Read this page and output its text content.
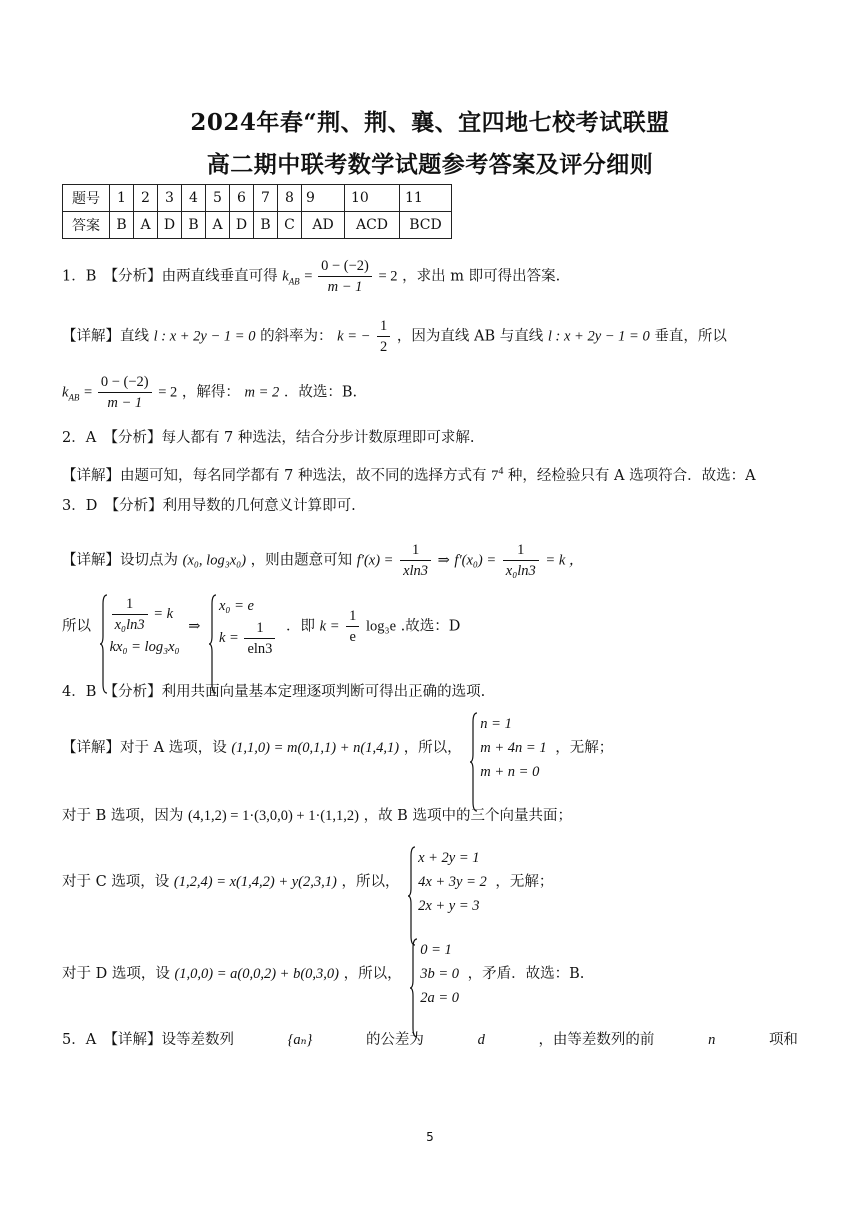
2024年春“荆、荆、襄、宜四地七校考试联盟
高二期中联考数学试题参考答案及评分细则
题号	1	2	3	4	5	6	7	8	9	10	11
答案	B	A	D	B	A	D	B	C	AD	ACD	BCD
1．B　【分析】由两直线垂直可得 $k_{AB} = \frac{0 - (-2)}{m - 1} = 2$ ，求出 m 即可得出答案.
【详解】直线 l : x + 2y − 1 = 0 的斜率为： k = − $\frac{1}{2}$ ，因为直线 AB 与直线 l : x + 2y − 1 = 0 垂直，所以
$k_{AB} = \frac{0 - (-2)}{m - 1} = 2$ ，解得： m = 2 ．故选：B.
2．A　【分析】每人都有 7 种选法，结合分步计数原理即可求解.
【详解】由题可知，每名同学都有 7 种选法，故不同的选择方式有 $7^4$ 种，经检验只有 A 选项符合．故选：A
3．D　【分析】利用导数的几何意义计算即可.
【详解】设切点为 (x₀, log₃x₀) ，则由题意可知 $f'(x) = \frac{1}{xln3}$ ⇒ $f'(x_0) = \frac{1}{\text{x₀ln3}} = k$ ，
所以 $\frac{1}{\text{x₀ln3}} = k$
kx₀ = log₃x₀
⇒
x₀ = e
$k = \frac{1}{eln3}$ ．即 $k = \frac{1}{e} \log_3e$ .故选：D
4．B　【分析】利用共面向量基本定理逐项判断可得出正确的选项.
【详解】对于 A 选项，设 (1,1,0) = m(0,1,1) + n(1,4,1) ，所以，
n = 1
m + 4n = 1
m + n = 0
，无解；
对于 B 选项，因为 (4,1,2) = 1·(3,0,0) + 1·(1,1,2) ，故 B 选项中的三个向量共面；
对于 C 选项，设 (1,2,4) = x(1,4,2) + y(2,3,1) ，所以，
x + 2y = 1
4x + 3y = 2
2x + y = 3
，无解；
对于 D 选项，设 (1,0,0) = a(0,0,2) + b(0,3,0) ，所以，
0 = 1
3b = 0
2a = 0
，矛盾．故选：B.
5．A　【详解】设等差数列	{aₙ}	的公差为	d	，由等差数列的前	n	项和
5
